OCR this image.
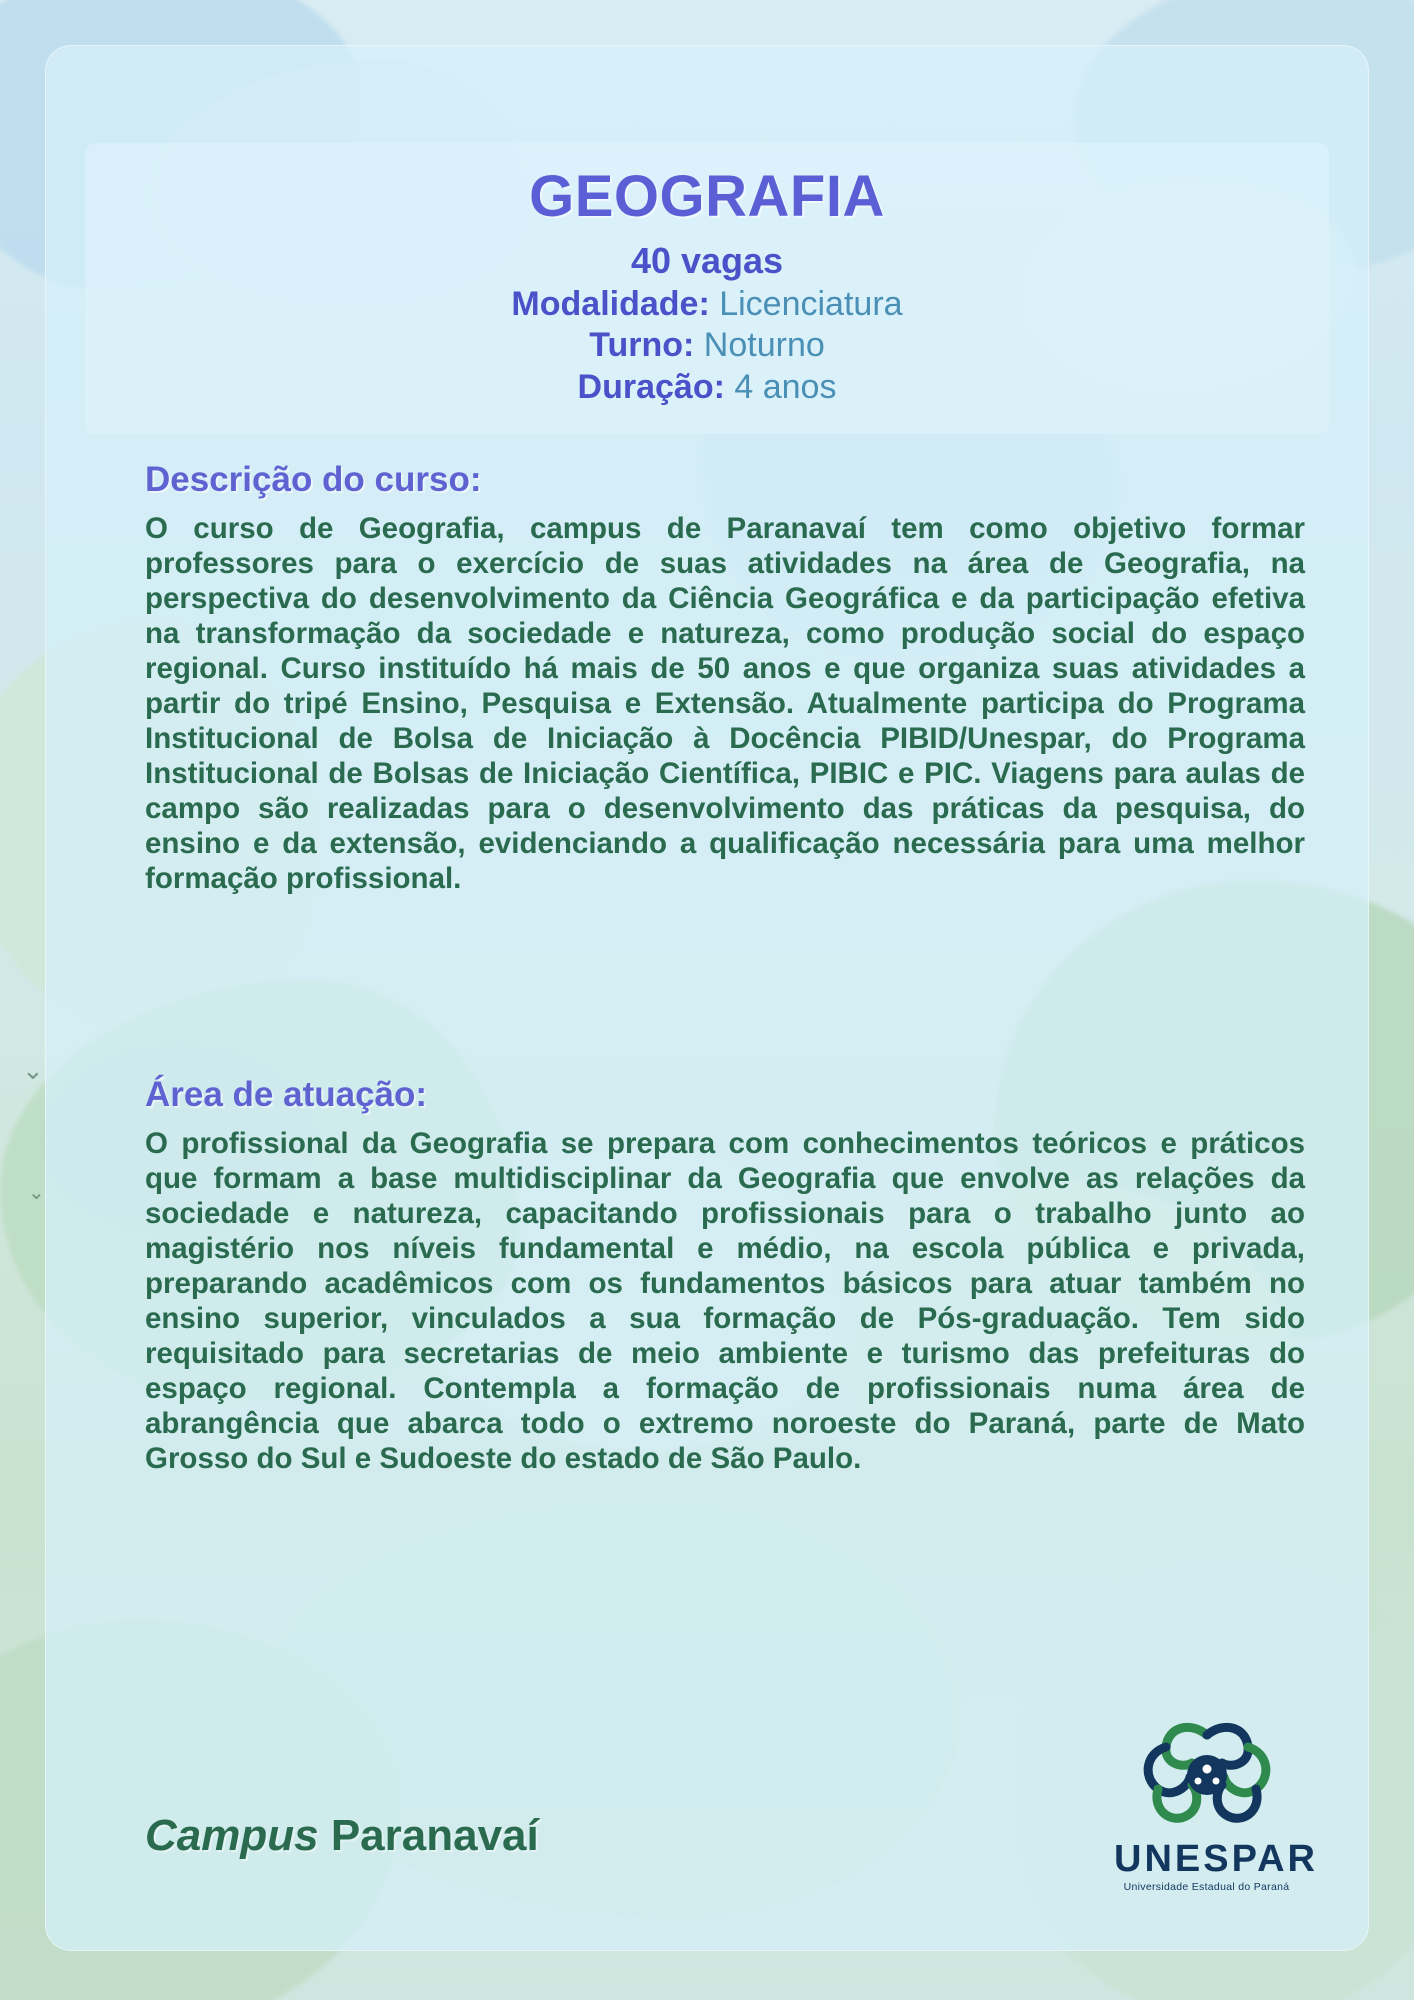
⌄
⌄
GEOGRAFIA
40 vagas
Modalidade: Licenciatura
Turno: Noturno
Duração: 4 anos
Descrição do curso:
O curso de Geografia, campus de Paranavaí tem como objetivo formar professores para o exercício de suas atividades na área de Geografia, na perspectiva do desenvolvimento da Ciência Geográfica e da participação efetiva na transformação da sociedade e natureza, como produção social do espaço regional. Curso instituído há mais de 50 anos e que organiza suas atividades a partir do tripé Ensino, Pesquisa e Extensão. Atualmente participa do Programa Institucional de Bolsa de Iniciação à Docência PIBID/Unespar, do Programa Institucional de Bolsas de Iniciação Científica, PIBIC e PIC. Viagens para aulas de campo são realizadas para o desenvolvimento das práticas da pesquisa, do ensino e da extensão, evidenciando a qualificação necessária para uma melhor formação profissional.
Área de atuação:
O profissional da Geografia se prepara com conhecimentos teóricos e práticos que formam a base multidisciplinar da Geografia que envolve as relações da sociedade e natureza, capacitando profissionais para o trabalho junto ao magistério nos níveis fundamental e médio, na escola pública e privada, preparando acadêmicos com os fundamentos básicos para atuar também no ensino superior, vinculados a sua formação de Pós-graduação. Tem sido requisitado para secretarias de meio ambiente e turismo das prefeituras do espaço regional. Contempla a formação de profissionais numa área de abrangência que abarca todo o extremo noroeste do Paraná, parte de Mato Grosso do Sul e Sudoeste do estado de São Paulo.
Campus Paranavaí	UNESPAR
Universidade Estadual do Paraná
